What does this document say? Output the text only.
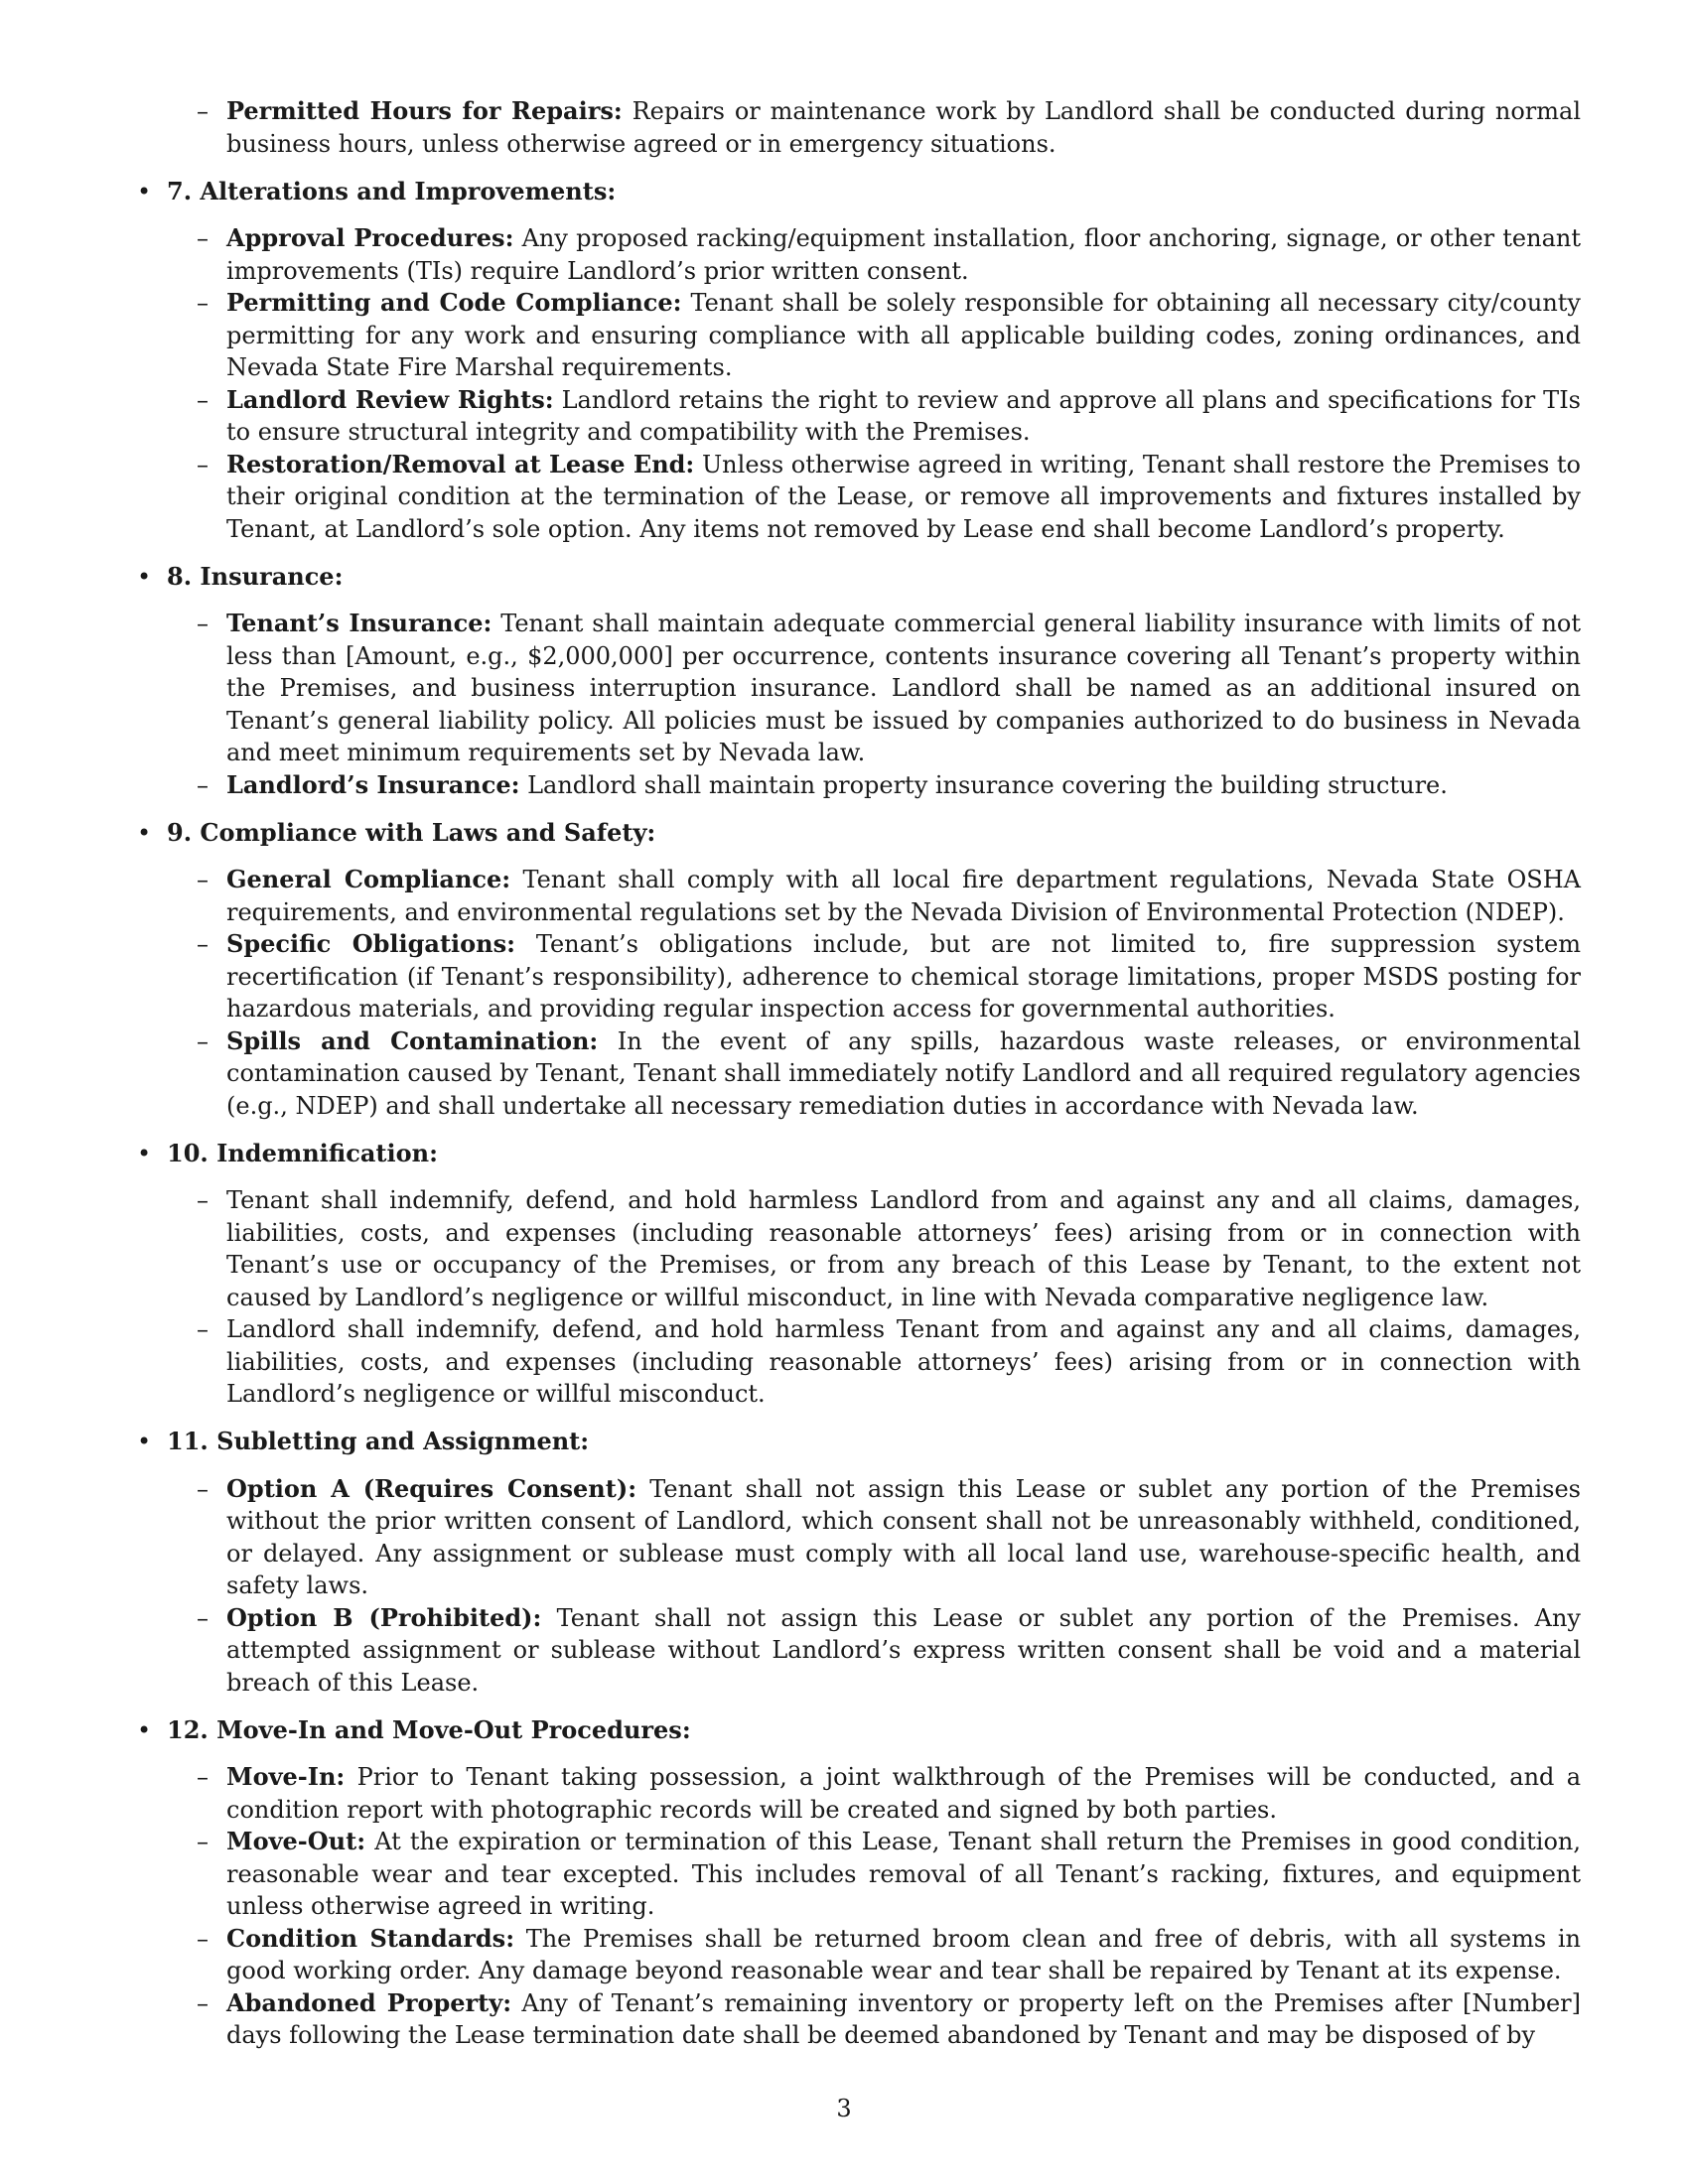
– Permitted Hours for Repairs: Repairs or maintenance work by Landlord shall be conducted during normal business hours, unless otherwise agreed or in emergency situations.
• 7. Alterations and Improvements:
– Approval Procedures: Any proposed racking/equipment installation, floor anchoring, signage, or other tenant improvements (TIs) require Landlord’s prior written consent.
– Permitting and Code Compliance: Tenant shall be solely responsible for obtaining all necessary city/county permitting for any work and ensuring compliance with all applicable building codes, zoning ordinances, and Nevada State Fire Marshal requirements.
– Landlord Review Rights: Landlord retains the right to review and approve all plans and specifications for TIs to ensure structural integrity and compatibility with the Premises.
– Restoration/Removal at Lease End: Unless otherwise agreed in writing, Tenant shall restore the Premises to their original condition at the termination of the Lease, or remove all improvements and fixtures installed by Tenant, at Landlord’s sole option. Any items not removed by Lease end shall become Landlord’s property.
• 8. Insurance:
– Tenant’s Insurance: Tenant shall maintain adequate commercial general liability insurance with limits of not less than [Amount, e.g., $2,000,000] per occurrence, contents insurance covering all Tenant’s property within the Premises, and business interruption insurance. Landlord shall be named as an additional insured on Tenant’s general liability policy. All policies must be issued by companies authorized to do business in Nevada and meet minimum requirements set by Nevada law.
– Landlord’s Insurance: Landlord shall maintain property insurance covering the building structure.
• 9. Compliance with Laws and Safety:
– General Compliance: Tenant shall comply with all local fire department regulations, Nevada State OSHA requirements, and environmental regulations set by the Nevada Division of Environmental Protection (NDEP).
– Specific Obligations: Tenant’s obligations include, but are not limited to, fire suppression system recertification (if Tenant’s responsibility), adherence to chemical storage limitations, proper MSDS posting for hazardous materials, and providing regular inspection access for governmental authorities.
– Spills and Contamination: In the event of any spills, hazardous waste releases, or environmental contamination caused by Tenant, Tenant shall immediately notify Landlord and all required regulatory agencies (e.g., NDEP) and shall undertake all necessary remediation duties in accordance with Nevada law.
• 10. Indemnification:
– Tenant shall indemnify, defend, and hold harmless Landlord from and against any and all claims, damages, liabilities, costs, and expenses (including reasonable attorneys’ fees) arising from or in connection with Tenant’s use or occupancy of the Premises, or from any breach of this Lease by Tenant, to the extent not caused by Landlord’s negligence or willful misconduct, in line with Nevada comparative negligence law.
– Landlord shall indemnify, defend, and hold harmless Tenant from and against any and all claims, damages, liabilities, costs, and expenses (including reasonable attorneys’ fees) arising from or in connection with Landlord’s negligence or willful misconduct.
• 11. Subletting and Assignment:
– Option A (Requires Consent): Tenant shall not assign this Lease or sublet any portion of the Premises without the prior written consent of Landlord, which consent shall not be unreasonably withheld, conditioned, or delayed. Any assignment or sublease must comply with all local land use, warehouse-specific health, and safety laws.
– Option B (Prohibited): Tenant shall not assign this Lease or sublet any portion of the Premises. Any attempted assignment or sublease without Landlord’s express written consent shall be void and a material breach of this Lease.
• 12. Move-In and Move-Out Procedures:
– Move-In: Prior to Tenant taking possession, a joint walkthrough of the Premises will be conducted, and a condition report with photographic records will be created and signed by both parties.
– Move-Out: At the expiration or termination of this Lease, Tenant shall return the Premises in good condition, reasonable wear and tear excepted. This includes removal of all Tenant’s racking, fixtures, and equipment unless otherwise agreed in writing.
– Condition Standards: The Premises shall be returned broom clean and free of debris, with all systems in good working order. Any damage beyond reasonable wear and tear shall be repaired by Tenant at its expense.
– Abandoned Property: Any of Tenant’s remaining inventory or property left on the Premises after [Number] days following the Lease termination date shall be deemed abandoned by Tenant and may be disposed of by
3
